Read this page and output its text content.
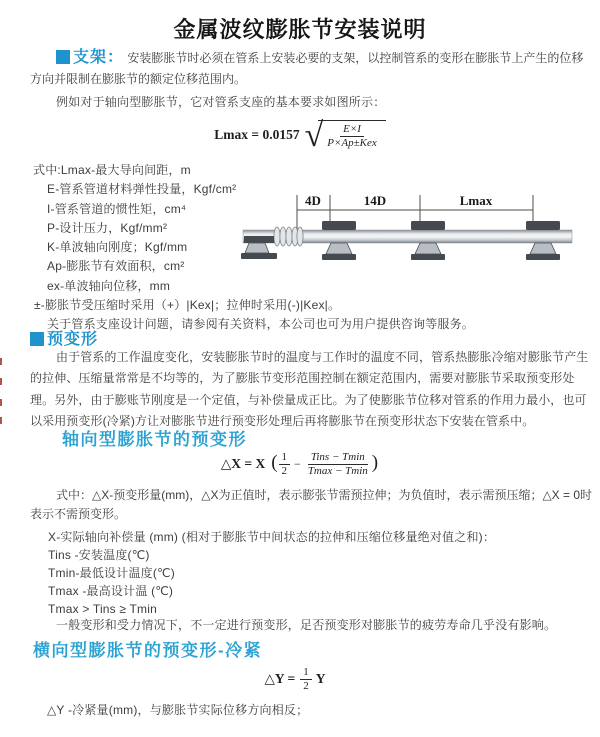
金属波纹膨胀节安装说明

支架： 安装膨胀节时必须在管系上安装必要的支架，以控制管系的变形在膨胀节上产生的位移方向并限制在膨胀节的额定位移范围内。

例如对于轴向型膨胀节，它对管系支座的基本要求如图所示：

Lmax = 0.0157 √ E×I
P×Ap±Kex
式中:Lmax-最大导向间距，m
E-管系管道材料弹性投量，Kgf/cm²
I-管系管道的惯性矩，cm⁴
P-设计压力，Kgf/mm²
K-单波轴向刚度；Kgf/mm
Ap-膨胀节有效面积，cm²
ex-单波轴向位移，mm
±-膨胀节受压缩时采用（+）|Kex|；拉伸时采用(-)|Kex|。
关于管系支座设计问题，请参阅有关资料，本公司也可为用户提供咨询等服务。
4D	14D	Lmax
预变形

由于管系的工作温度变化，安装膨胀节时的温度与工作时的温度不同，管系热膨胀冷缩对膨胀节产生的拉伸、压缩量常常是不均等的，为了膨胀节变形范围控制在额定范围内，需要对膨胀节采取预变形处理。另外，由于膨账节刚度是一个定值，与补偿量成正比。为了使膨胀节位移对管系的作用力最小，也可以采用预变形(冷紧)方让对膨胀节进行预变形处理后再将膨胀节在预变形状态下安装在管系中。

轴向型膨胀节的预变形
△X = X ( $\frac{1}{2}$ − Tins − Tmin
Tmax − Tmin )

式中：△X-预变形量(mm)，△X为正值时，表示膨张节需预拉伸；为负值时，表示需预压缩；△X = 0时表示不需预变形。

X-实际轴向补偿量 (mm) (相对于膨胀节中间状态的拉伸和压缩位移量绝对值之和)：
Tins -安装温度(℃)
Tmin-最低设计温度(℃)
Tmax -最高设计温 (℃)
Tmax > Tins ≥ Tmin

一般变形和受力情况下，不一定进行预变形，足否预变形对膨胀节的疲劳寿命几乎没有影响。

横向型膨胀节的预变形-冷紧
△Y = $\frac{1}{2}$ Y
△Y -冷紧量(mm)，与膨胀节实际位移方向相反；
